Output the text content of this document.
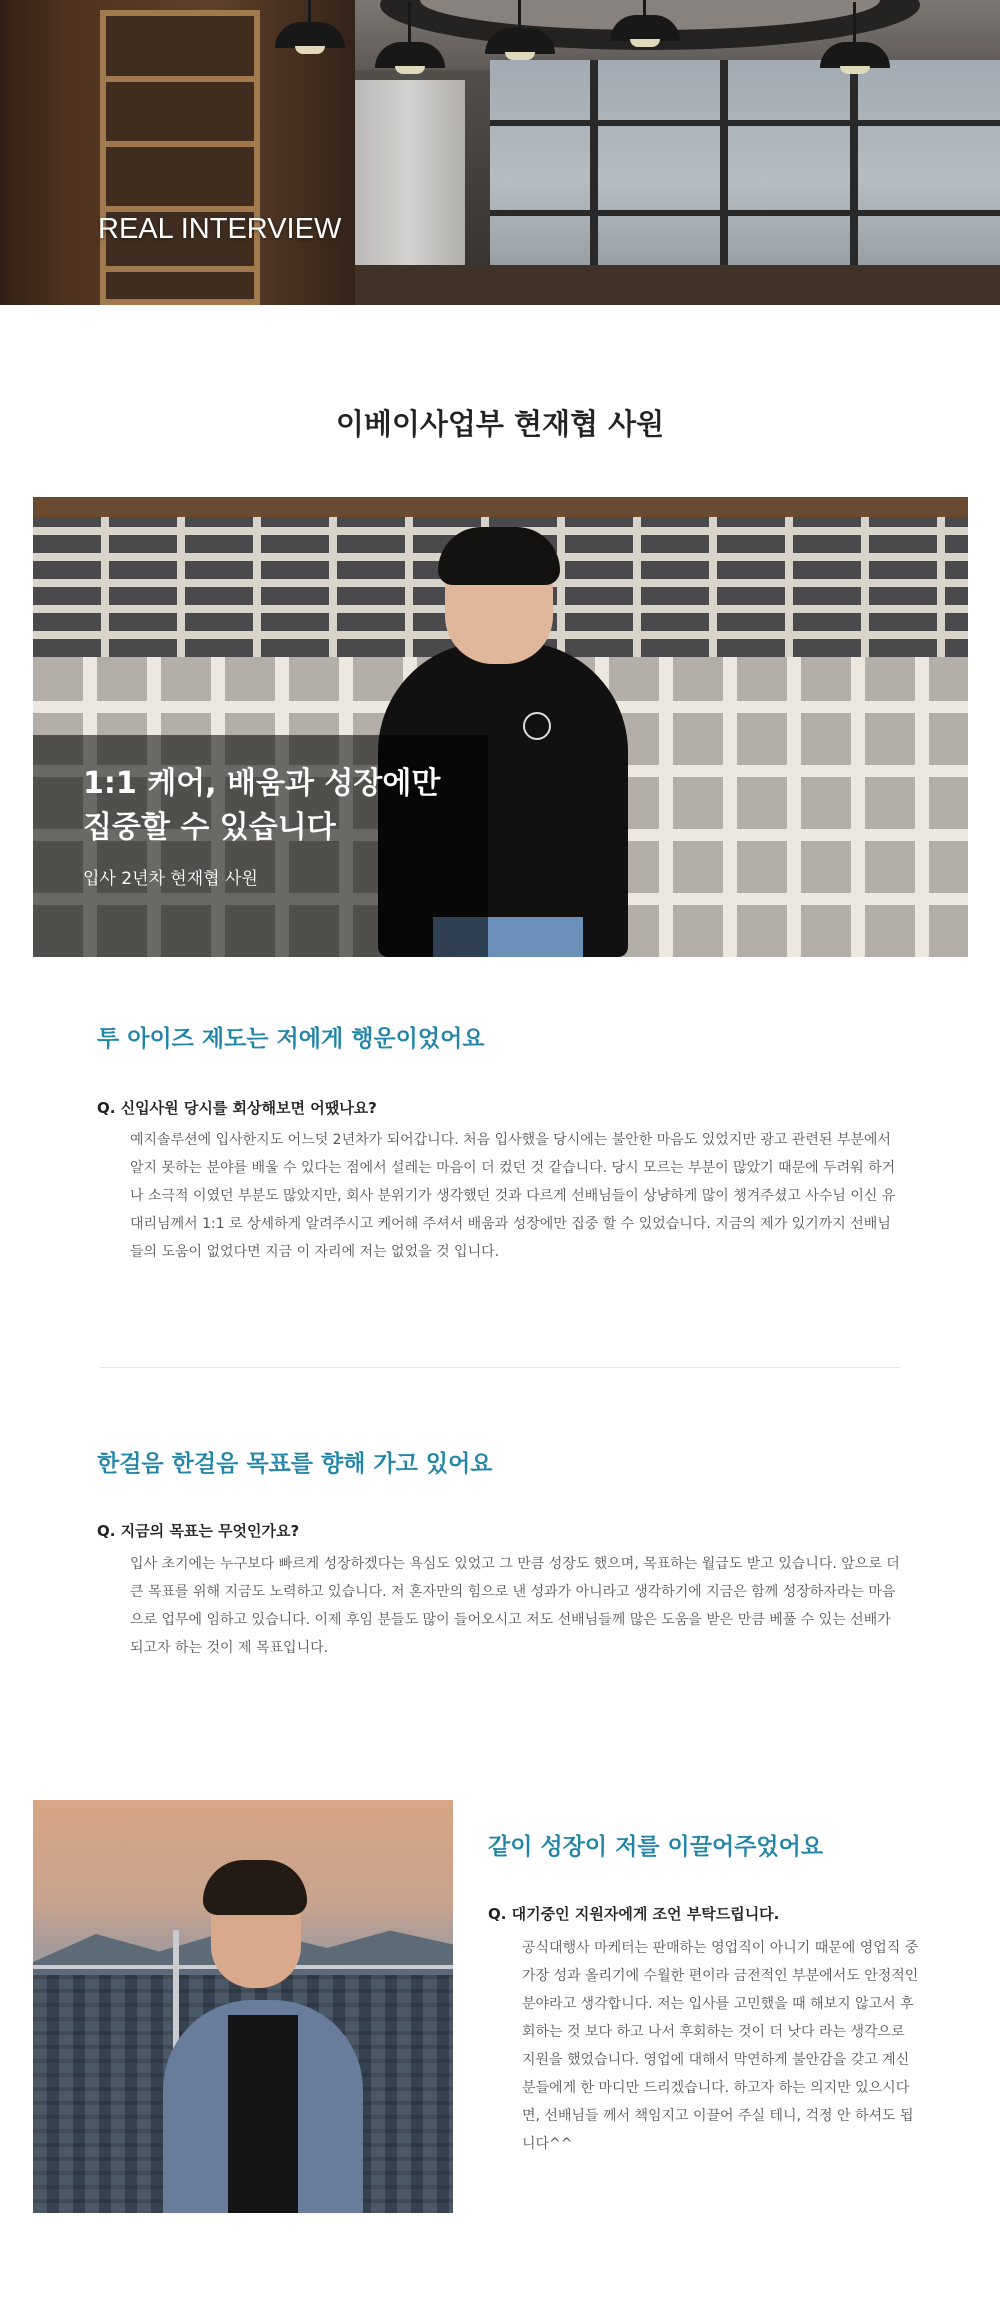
REAL INTERVIEW
이베이사업부 현재협 사원
1:1 케어, 배움과 성장에만 집중할 수 있습니다
입사 2년차 현재협 사원
투 아이즈 제도는 저에게 행운이었어요
Q. 신입사원 당시를 회상해보면 어땠나요?

예지솔루션에 입사한지도 어느덧 2년차가 되어갑니다. 처음 입사했을 당시에는 불안한 마음도 있었지만 광고 관련된 부분에서 알지 못하는 분야를 배울 수 있다는 점에서 설레는 마음이 더 컸던 것 같습니다. 당시 모르는 부분이 많았기 때문에 두려워 하거나 소극적 이였던 부분도 많았지만, 회사 분위기가 생각했던 것과 다르게 선배님들이 상냥하게 많이 챙겨주셨고 사수님 이신 유대리님께서 1:1 로 상세하게 알려주시고 케어해 주셔서 배움과 성장에만 집중 할 수 있었습니다. 지금의 제가 있기까지 선배님들의 도움이 없었다면 지금 이 자리에 저는 없었을 것 입니다.

한걸음 한걸음 목표를 향해 가고 있어요
Q. 지금의 목표는 무엇인가요?

입사 초기에는 누구보다 빠르게 성장하겠다는 욕심도 있었고 그 만큼 성장도 했으며, 목표하는 월급도 받고 있습니다. 앞으로 더 큰 목표를 위해 지금도 노력하고 있습니다. 저 혼자만의 힘으로 낸 성과가 아니라고 생각하기에 지금은 함께 성장하자라는 마음으로 업무에 임하고 있습니다. 이제 후임 분들도 많이 들어오시고 저도 선배님들께 많은 도움을 받은 만큼 베풀 수 있는 선배가 되고자 하는 것이 제 목표입니다.

같이 성장이 저를 이끌어주었어요
Q. 대기중인 지원자에게 조언 부탁드립니다.

공식대행사 마케터는 판매하는 영업직이 아니기 때문에 영업직 중 가장 성과 올리기에 수월한 편이라 금전적인 부분에서도 안정적인 분야라고 생각합니다. 저는 입사를 고민했을 때 해보지 않고서 후회하는 것 보다 하고 나서 후회하는 것이 더 낫다 라는 생각으로 지원을 했었습니다. 영업에 대해서 막연하게 불안감을 갖고 계신 분들에게 한 마디만 드리겠습니다. 하고자 하는 의지만 있으시다면, 선배님들 께서 책임지고 이끌어 주실 테니, 걱정 안 하셔도 됩니다^^
